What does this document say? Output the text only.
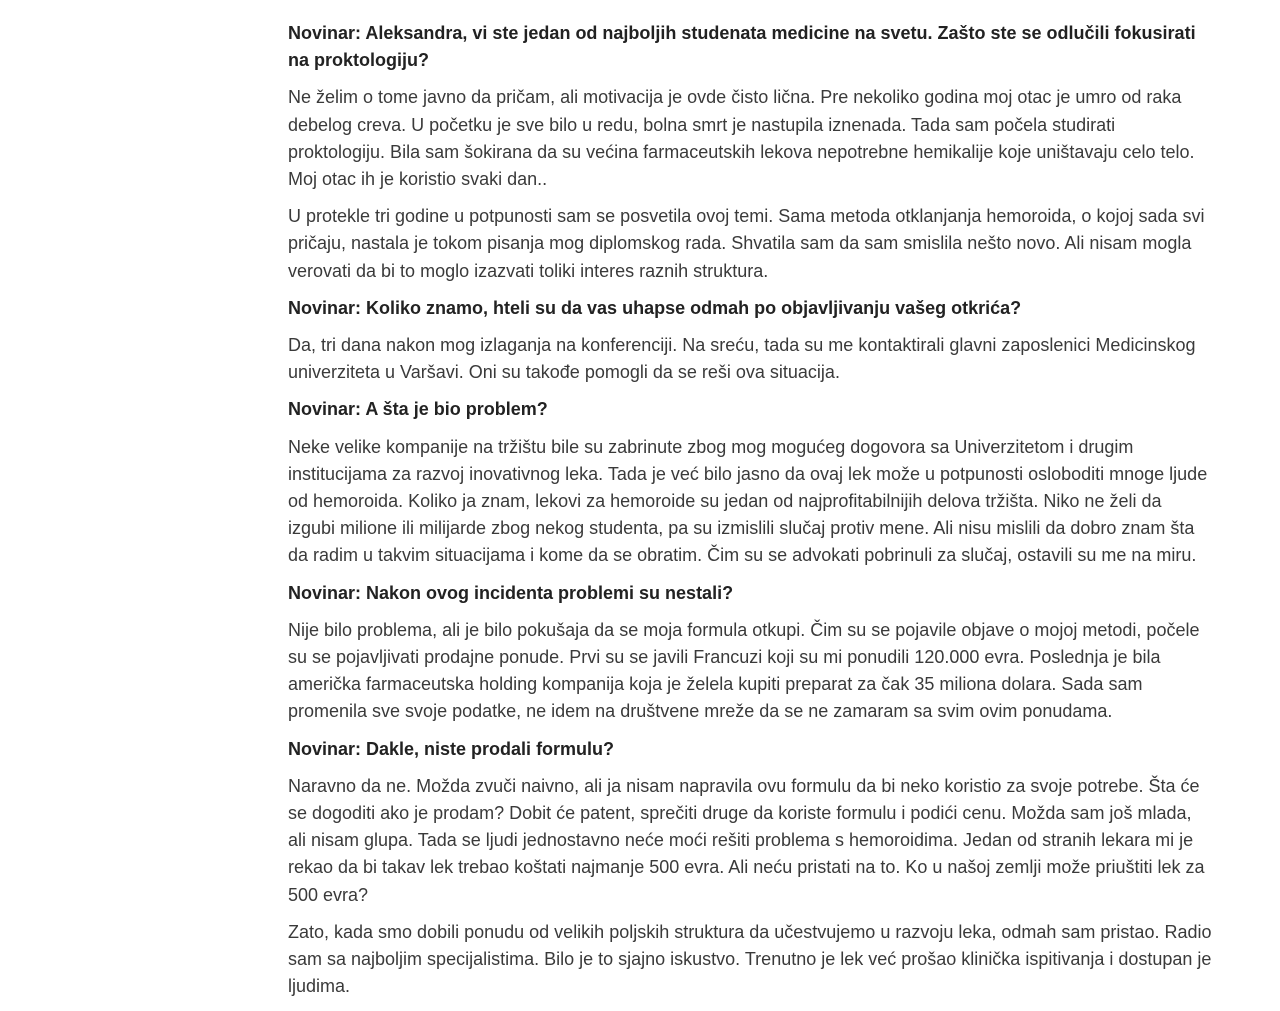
Novinar: Aleksandra, vi ste jedan od najboljih studenata medicine na svetu. Zašto ste se odlučili fokusirati na proktologiju?

Ne želim o tome javno da pričam, ali motivacija je ovde čisto lična. Pre nekoliko godina moj otac je umro od raka debelog creva. U početku je sve bilo u redu, bolna smrt je nastupila iznenada. Tada sam počela studirati proktologiju. Bila sam šokirana da su većina farmaceutskih lekova nepotrebne hemikalije koje uništavaju celo telo. Moj otac ih je koristio svaki dan..

U protekle tri godine u potpunosti sam se posvetila ovoj temi. Sama metoda otklanjanja hemoroida, o kojoj sada svi pričaju, nastala je tokom pisanja mog diplomskog rada. Shvatila sam da sam smislila nešto novo. Ali nisam mogla verovati da bi to moglo izazvati toliki interes raznih struktura.

Novinar: Koliko znamo, hteli su da vas uhapse odmah po objavljivanju vašeg otkrića?

Da, tri dana nakon mog izlaganja na konferenciji. Na sreću, tada su me kontaktirali glavni zaposlenici Medicinskog univerziteta u Varšavi. Oni su takođe pomogli da se reši ova situacija.

Novinar: A šta je bio problem?

Neke velike kompanije na tržištu bile su zabrinute zbog mog mogućeg dogovora sa Univerzitetom i drugim institucijama za razvoj inovativnog leka. Tada je već bilo jasno da ovaj lek može u potpunosti osloboditi mnoge ljude od hemoroida. Koliko ja znam, lekovi za hemoroide su jedan od najprofitabilnijih delova tržišta. Niko ne želi da izgubi milione ili milijarde zbog nekog studenta, pa su izmislili slučaj protiv mene. Ali nisu mislili da dobro znam šta da radim u takvim situacijama i kome da se obratim. Čim su se advokati pobrinuli za slučaj, ostavili su me na miru.

Novinar: Nakon ovog incidenta problemi su nestali?

Nije bilo problema, ali je bilo pokušaja da se moja formula otkupi. Čim su se pojavile objave o mojoj metodi, počele su se pojavljivati prodajne ponude. Prvi su se javili Francuzi koji su mi ponudili 120.000 evra. Poslednja je bila američka farmaceutska holding kompanija koja je želela kupiti preparat za čak 35 miliona dolara. Sada sam promenila sve svoje podatke, ne idem na društvene mreže da se ne zamaram sa svim ovim ponudama.

Novinar: Dakle, niste prodali formulu?

Naravno da ne. Možda zvuči naivno, ali ja nisam napravila ovu formulu da bi neko koristio za svoje potrebe. Šta će se dogoditi ako je prodam? Dobit će patent, sprečiti druge da koriste formulu i podići cenu. Možda sam još mlada, ali nisam glupa. Tada se ljudi jednostavno neće moći rešiti problema s hemoroidima. Jedan od stranih lekara mi je rekao da bi takav lek trebao koštati najmanje 500 evra. Ali neću pristati na to. Ko u našoj zemlji može priuštiti lek za 500 evra?

Zato, kada smo dobili ponudu od velikih poljskih struktura da učestvujemo u razvoju leka, odmah sam pristao. Radio sam sa najboljim specijalistima. Bilo je to sjajno iskustvo. Trenutno je lek već prošao klinička ispitivanja i dostupan je ljudima.
